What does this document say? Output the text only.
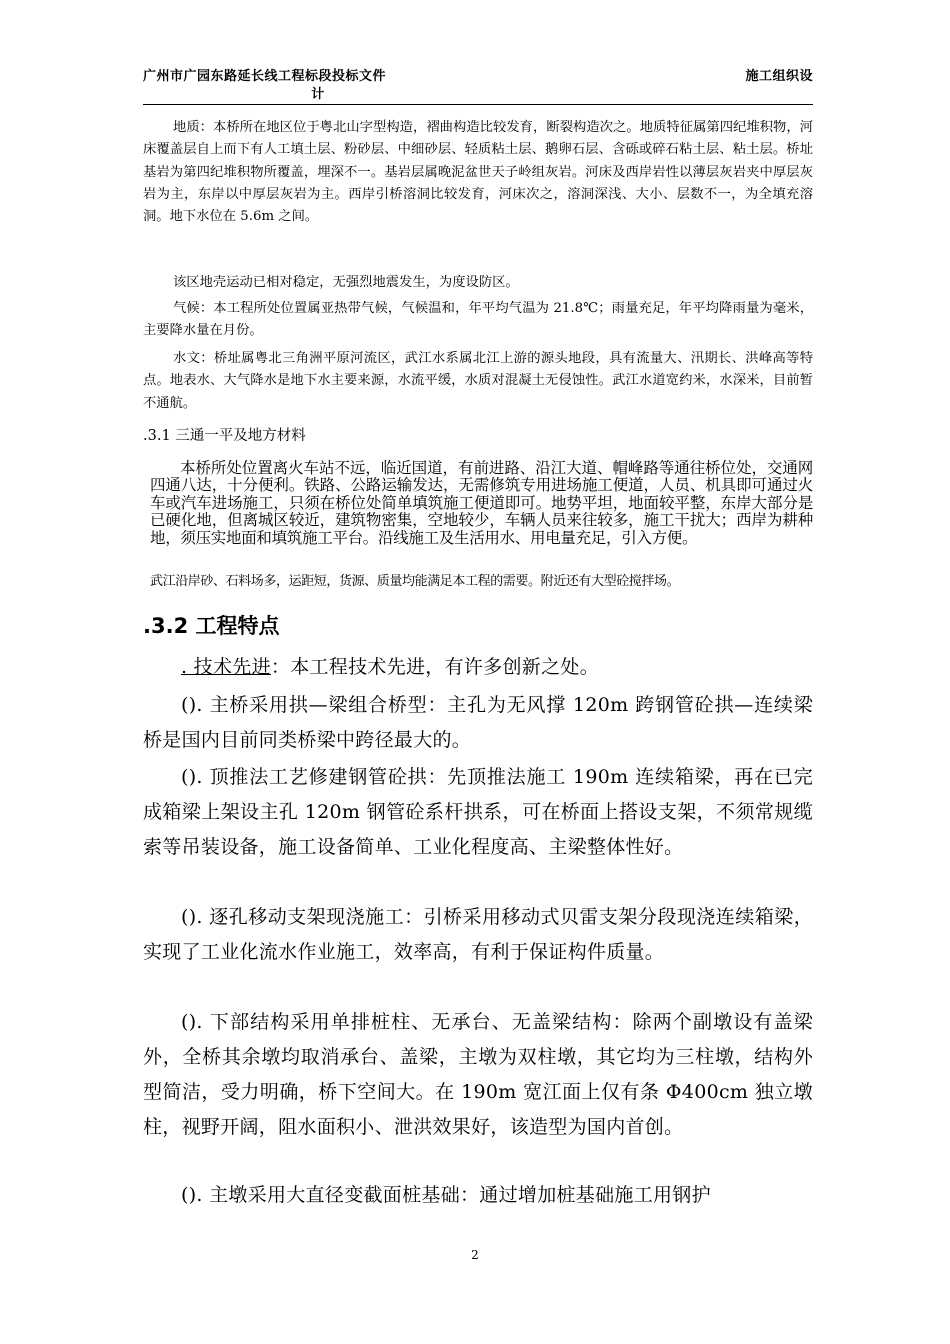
广州市广园东路延长线工程标段投标文件
计
施工组织设

地质：本桥所在地区位于粤北山字型构造，褶曲构造比较发育，断裂构造次之。地质特征属第四纪堆积物，河床覆盖层自上而下有人工填土层、粉砂层、中细砂层、轻质粘土层、鹅卵石层、含砾或碎石粘土层、粘土层。桥址基岩为第四纪堆积物所覆盖，埋深不一。基岩层属晚泥盆世天子岭组灰岩。河床及西岸岩性以薄层灰岩夹中厚层灰岩为主，东岸以中厚层灰岩为主。西岸引桥溶洞比较发育，河床次之，溶洞深浅、大小、层数不一，为全填充溶洞。地下水位在 5.6m 之间。

该区地壳运动已相对稳定，无强烈地震发生，为度设防区。

气候：本工程所处位置属亚热带气候，气候温和，年平均气温为 21.8℃；雨量充足，年平均降雨量为毫米，主要降水量在月份。

水文：桥址属粤北三角洲平原河流区，武江水系属北江上游的源头地段，具有流量大、汛期长、洪峰高等特点。地表水、大气降水是地下水主要来源，水流平缓，水质对混凝土无侵蚀性。武江水道宽约米，水深米，目前暂不通航。

.3.1 三通一平及地方材料

本桥所处位置离火车站不远，临近国道，有前进路、沿江大道、帽峰路等通往桥位处，交通网四通八达，十分便利。铁路、公路运输发达，无需修筑专用进场施工便道，人员、机具即可通过火车或汽车进场施工，只须在桥位处简单填筑施工便道即可。地势平坦，地面较平整，东岸大部分是已硬化地，但离城区较近，建筑物密集，空地较少，车辆人员来往较多，施工干扰大；西岸为耕种地，须压实地面和填筑施工平台。沿线施工及生活用水、用电量充足，引入方便。

武江沿岸砂、石料场多，运距短，货源、质量均能满足本工程的需要。附近还有大型砼搅拌场。

.3.2 工程特点

. 技术先进：本工程技术先进，有许多创新之处。

(). 主桥采用拱—梁组合桥型：主孔为无风撑 120m 跨钢管砼拱—连续梁桥是国内目前同类桥梁中跨径最大的。

(). 顶推法工艺修建钢管砼拱：先顶推法施工 190m 连续箱梁，再在已完成箱梁上架设主孔 120m 钢管砼系杆拱系，可在桥面上搭设支架，不须常规缆索等吊装设备，施工设备简单、工业化程度高、主梁整体性好。

(). 逐孔移动支架现浇施工：引桥采用移动式贝雷支架分段现浇连续箱梁，实现了工业化流水作业施工，效率高，有利于保证构件质量。

(). 下部结构采用单排桩柱、无承台、无盖梁结构：除两个副墩设有盖梁外，全桥其余墩均取消承台、盖梁，主墩为双柱墩，其它均为三柱墩，结构外型简洁，受力明确，桥下空间大。在 190m 宽江面上仅有条 Φ400cm 独立墩柱，视野开阔，阻水面积小、泄洪效果好，该造型为国内首创。

(). 主墩采用大直径变截面桩基础：通过增加桩基础施工用钢护

2
